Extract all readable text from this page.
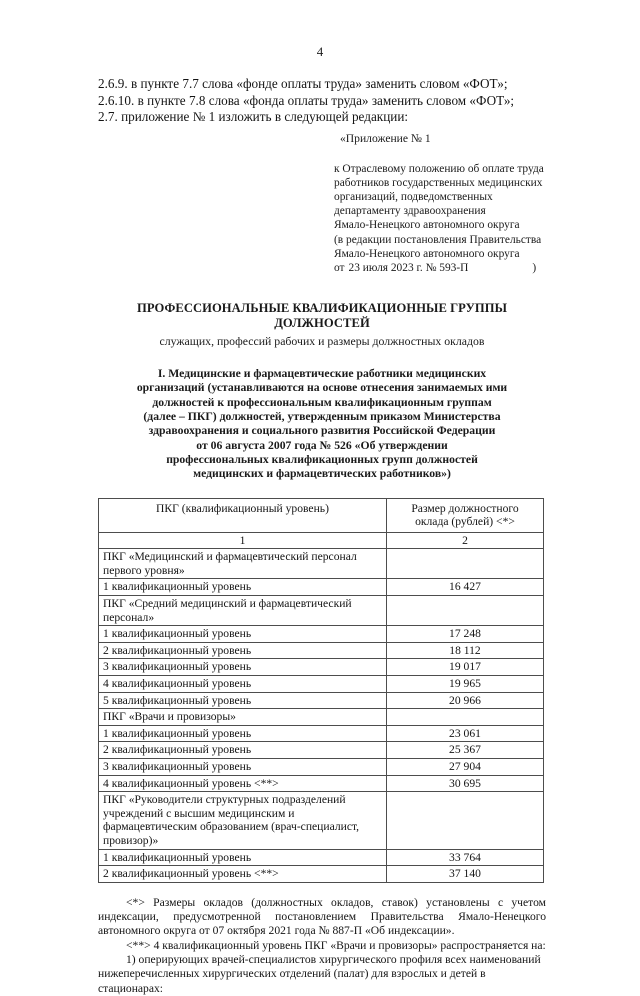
4

2.6.9. в пункте 7.7 слова «фонде оплаты труда» заменить словом «ФОТ»;

2.6.10. в пункте 7.8 слова «фонда оплаты труда» заменить словом «ФОТ»;

2.7. приложение № 1 изложить в следующей редакции:

«Приложение № 1

к Отраслевому положению об оплате труда

работников государственных медицинских

организаций, подведомственных

департаменту здравоохранения

Ямало-Ненецкого автономного округа

(в редакции постановления Правительства

Ямало-Ненецкого автономного округа

от 23 июля 2023 г. № 593-П	)

ПРОФЕССИОНАЛЬНЫЕ КВАЛИФИКАЦИОННЫЕ ГРУППЫ ДОЛЖНОСТЕЙ

служащих, профессий рабочих и размеры должностных окладов

I. Медицинские и фармацевтические работники медицинских
организаций (устанавливаются на основе отнесения занимаемых ими
должностей к профессиональным квалификационным группам
(далее – ПКГ) должностей, утвержденным приказом Министерства
здравоохранения и социального развития Российской Федерации
от 06 августа 2007 года № 526 «Об утверждении
профессиональных квалификационных групп должностей
медицинских и фармацевтических работников»)
ПКГ (квалификационный уровень)	Размер должностного
оклада (рублей) <*>
1	2
ПКГ «Медицинский и фармацевтический персонал первого уровня»	
1 квалификационный уровень	16 427
ПКГ «Средний медицинский и фармацевтический персонал»	
1 квалификационный уровень	17 248
2 квалификационный уровень	18 112
3 квалификационный уровень	19 017
4 квалификационный уровень	19 965
5 квалификационный уровень	20 966
ПКГ «Врачи и провизоры»	
1 квалификационный уровень	23 061
2 квалификационный уровень	25 367
3 квалификационный уровень	27 904
4 квалификационный уровень <**>	30 695
ПКГ «Руководители структурных подразделений учреждений с высшим медицинским и фармацевтическим образованием (врач-специалист, провизор)»	
1 квалификационный уровень	33 764
2 квалификационный уровень <**>	37 140

<*> Размеры окладов (должностных окладов, ставок) установлены с учетом индексации, предусмотренной постановлением Правительства Ямало-Ненецкого автономного округа от 07 октября 2021 года № 887-П «Об индексации».

<**> 4 квалификационный уровень ПКГ «Врачи и провизоры» распространяется на:

1) оперирующих врачей-специалистов хирургического профиля всех наименований нижеперечисленных хирургических отделений (палат) для взрослых и детей в стационарах:
